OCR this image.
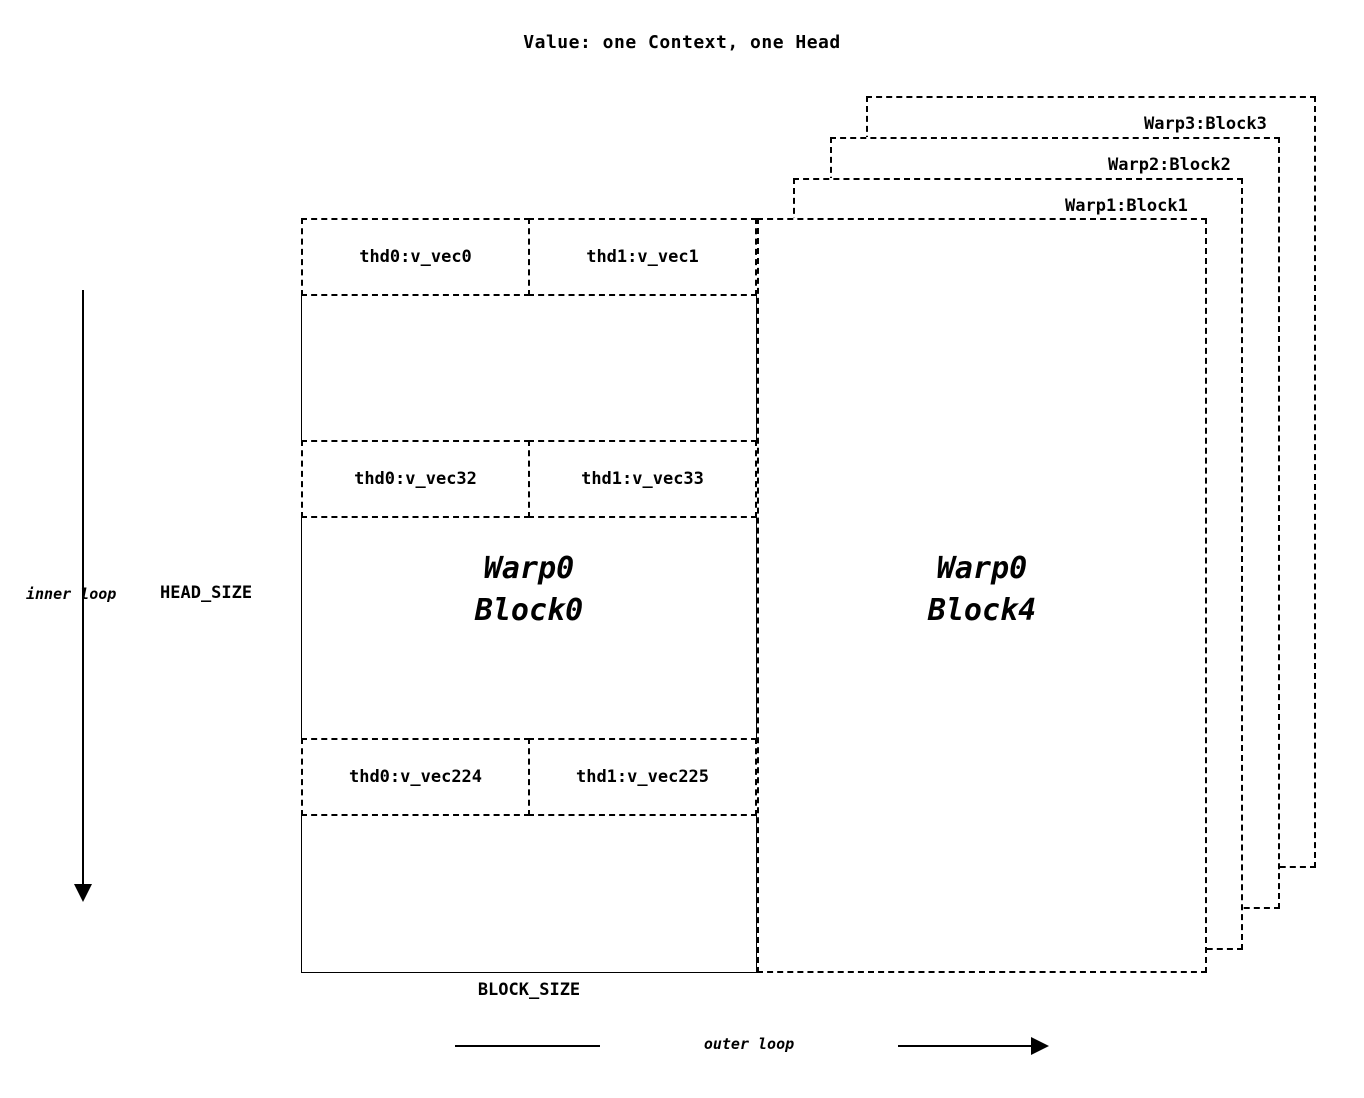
Value: one Context, one Head
Warp3:Block3
Warp2:Block2
Warp1:Block1
Warp0
Block4
Warp0
Block0
thd0:v_vec0	thd1:v_vec1
thd0:v_vec32	thd1:v_vec33
thd0:v_vec224	thd1:v_vec225
inner loop	HEAD_SIZE
BLOCK_SIZE
outer loop
